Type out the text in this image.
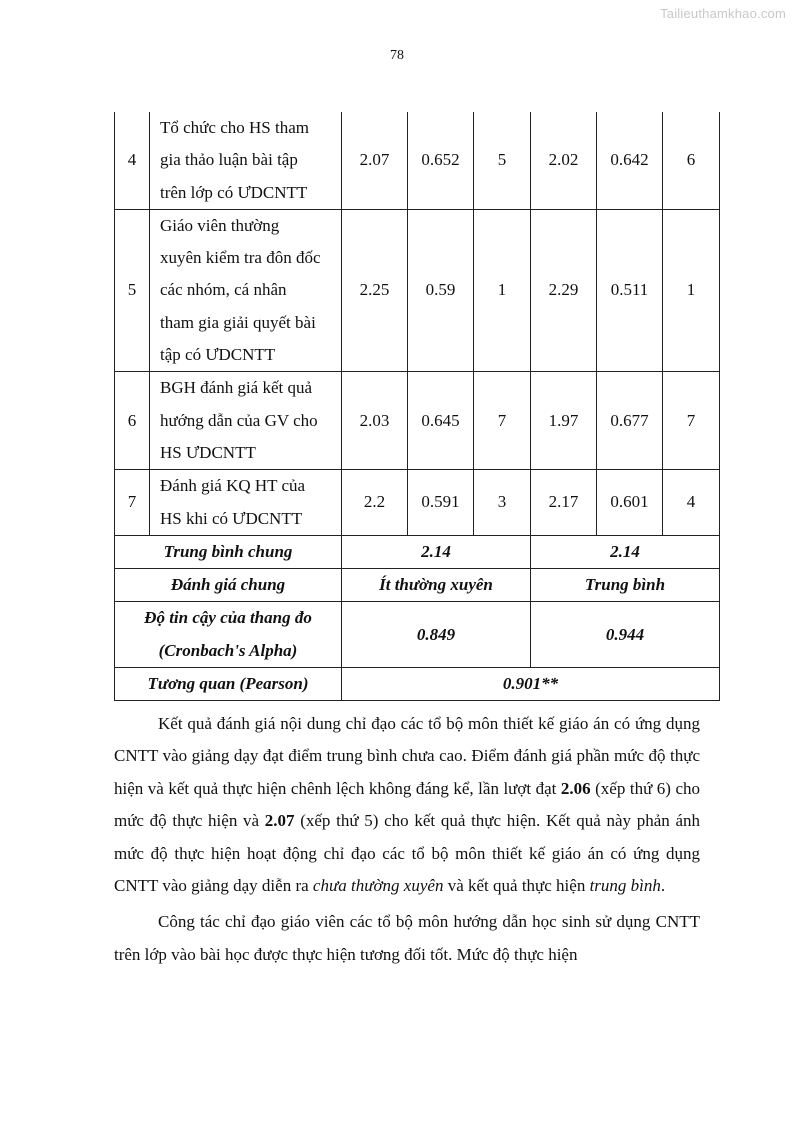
Tailieuthamkhao.com
78
4	Tổ chức cho HS tham
gia thảo luận bài tập
trên lớp có ƯDCNTT	2.07	0.652	5	2.02	0.642	6
5	Giáo viên thường
xuyên kiểm tra đôn đốc
các nhóm, cá nhân
tham gia giải quyết bài
tập có ƯDCNTT	2.25	0.59	1	2.29	0.511	1
6	BGH đánh giá kết quả
hướng dẫn của GV cho
HS ƯDCNTT	2.03	0.645	7	1.97	0.677	7
7	Đánh giá KQ HT của
HS khi có ƯDCNTT	2.2	0.591	3	2.17	0.601	4
Trung bình chung		2.14			2.14		
Đánh giá chung		Ít thường xuyên			Trung bình		
Độ tin cậy của thang đo
(Cronbach's Alpha)		0.849			0.944		
Tương quan (Pearson)		0.901**					

Kết quả đánh giá nội dung chỉ đạo các tổ bộ môn thiết kế giáo án có ứng dụng CNTT vào giảng dạy đạt điểm trung bình chưa cao. Điểm đánh giá phần mức độ thực hiện và kết quả thực hiện chênh lệch không đáng kể, lần lượt đạt 2.06 (xếp thứ 6) cho mức độ thực hiện và 2.07 (xếp thứ 5) cho kết quả thực hiện. Kết quả này phản ánh mức độ thực hiện hoạt động chỉ đạo các tổ bộ môn thiết kế giáo án có ứng dụng CNTT vào giảng dạy diễn ra chưa thường xuyên và kết quả thực hiện trung bình.

Công tác chỉ đạo giáo viên các tổ bộ môn hướng dẫn học sinh sử dụng CNTT trên lớp vào bài học được thực hiện tương đối tốt. Mức độ thực hiện
